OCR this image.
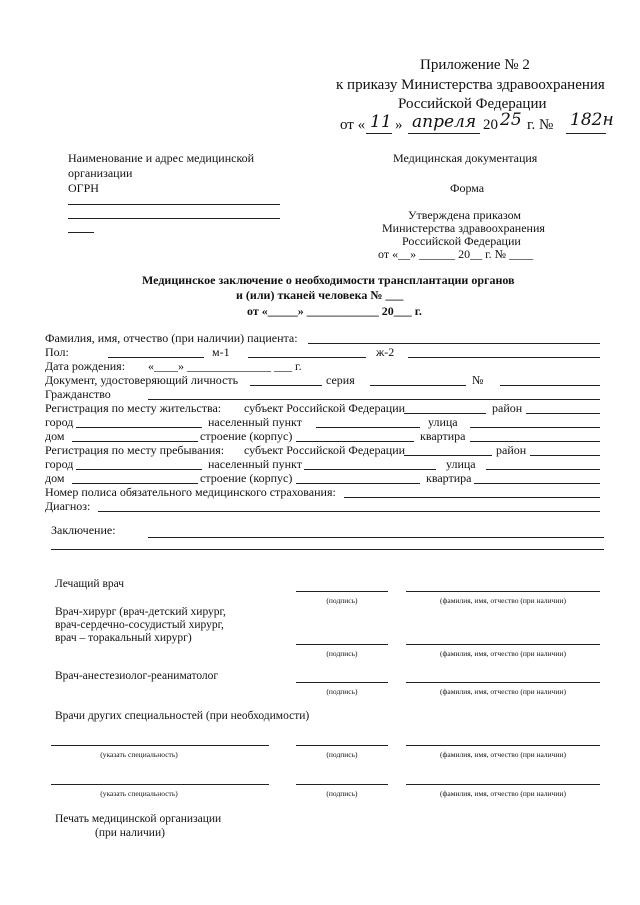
Приложение № 2
к приказу Министерства здравоохранения
Российской Федерации
от « 11 » апреля 20 25 г. № 182н
Наименование и адрес медицинской
организации
ОГРН
Медицинская документация
Форма
Утверждена приказом
Министерства здравоохранения
Российской Федерации
от «__» ______ 20__ г. № ____
Медицинское заключение о необходимости трансплантации органов
и (или) тканей человека № ___
от «_____» ____________ 20___ г.
Фамилия, имя, отчество (при наличии) пациента:
Пол:	м-1	ж-2
Дата рождения: «____» ______________ ___ г.
Документ, удостоверяющий личность	серия	№
Гражданство
Регистрация по месту жительства: субъект Российской Федерации	район
город	населенный пункт	улица
дом	строение (корпус)	квартира
Регистрация по месту пребывания: субъект Российской Федерации	район
город	населенный пункт	улица
дом	строение (корпус)	квартира
Номер полиса обязательного медицинского страхования:
Диагноз:
Заключение:
Лечащий врач
(подпись)	(фамилия, имя, отчество (при наличии)
Врач-хирург (врач-детский хирург,
врач-сердечно-сосудистый хирург,
врач – торакальный хирург)
(подпись)	(фамилия, имя, отчество (при наличии)
Врач-анестезиолог-реаниматолог
(подпись)	(фамилия, имя, отчество (при наличии)
Врачи других специальностей (при необходимости)
(указать специальность)	(подпись)	(фамилия, имя, отчество (при наличии)
(указать специальность)	(подпись)	(фамилия, имя, отчество (при наличии)
Печать медицинской организации
(при наличии)
